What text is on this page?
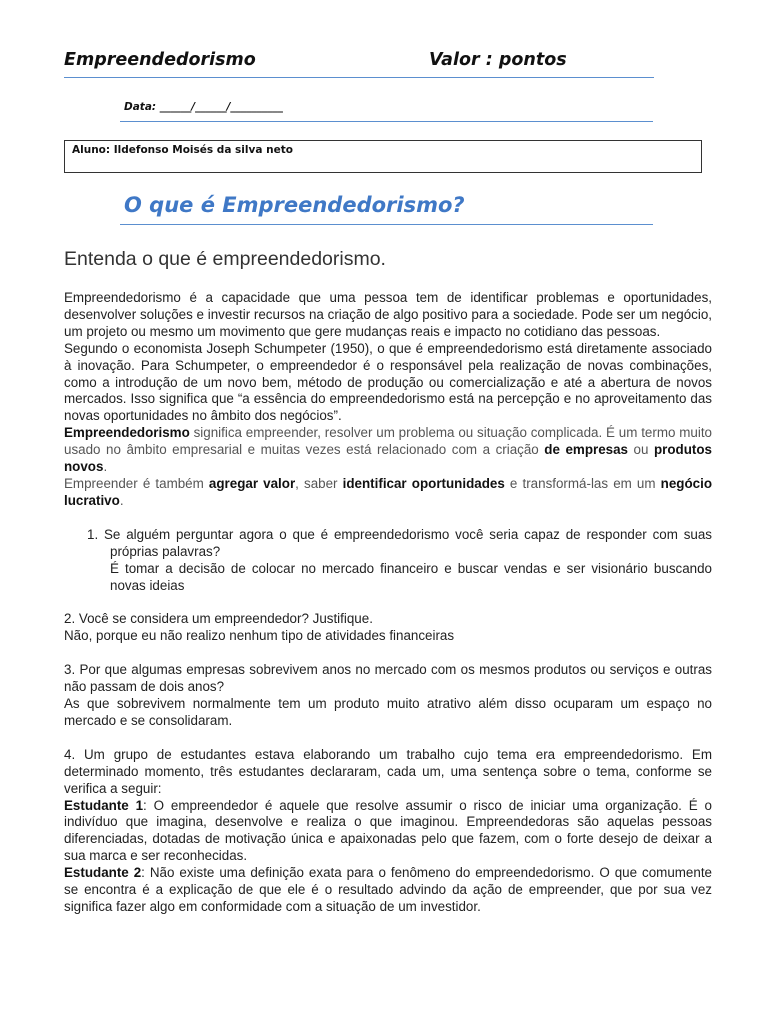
Empreendedorismo	Valor : pontos
Data: ______/______/__________
Aluno: Ildefonso Moisés da silva neto
O que é Empreendedorismo?
Entenda o que é empreendedorismo.

Empreendedorismo é a capacidade que uma pessoa tem de identificar problemas e oportunidades, desenvolver soluções e investir recursos na criação de algo positivo para a sociedade. Pode ser um negócio, um projeto ou mesmo um movimento que gere mudanças reais e impacto no cotidiano das pessoas.

Segundo o economista Joseph Schumpeter (1950), o que é empreendedorismo está diretamente associado à inovação. Para Schumpeter, o empreendedor é o responsável pela realização de novas combinações, como a introdução de um novo bem, método de produção ou comercialização e até a abertura de novos mercados. Isso significa que “a essência do empreendedorismo está na percepção e no aproveitamento das novas oportunidades no âmbito dos negócios”.

Empreendedorismo significa empreender, resolver um problema ou situação complicada. É um termo muito usado no âmbito empresarial e muitas vezes está relacionado com a criação de empresas ou produtos novos.

Empreender é também agregar valor, saber identificar oportunidades e transformá-las em um negócio lucrativo.

1. Se alguém perguntar agora o que é empreendedorismo você seria capaz de responder com suas próprias palavras?

É tomar a decisão de colocar no mercado financeiro e buscar vendas e ser visionário buscando novas ideias

2. Você se considera um empreendedor? Justifique.

Não, porque eu não realizo nenhum tipo de atividades financeiras

3. Por que algumas empresas sobrevivem anos no mercado com os mesmos produtos ou serviços e outras não passam de dois anos?

As que sobrevivem normalmente tem um produto muito atrativo além disso ocuparam um espaço no mercado e se consolidaram.

4. Um grupo de estudantes estava elaborando um trabalho cujo tema era empreendedorismo. Em determinado momento, três estudantes declararam, cada um, uma sentença sobre o tema, conforme se verifica a seguir:

Estudante 1: O empreendedor é aquele que resolve assumir o risco de iniciar uma organização. É o indivíduo que imagina, desenvolve e realiza o que imaginou. Empreendedoras são aquelas pessoas diferenciadas, dotadas de motivação única e apaixonadas pelo que fazem, com o forte desejo de deixar a sua marca e ser reconhecidas.

Estudante 2: Não existe uma definição exata para o fenômeno do empreendedorismo. O que comumente se encontra é a explicação de que ele é o resultado advindo da ação de empreender, que por sua vez significa fazer algo em conformidade com a situação de um investidor.
